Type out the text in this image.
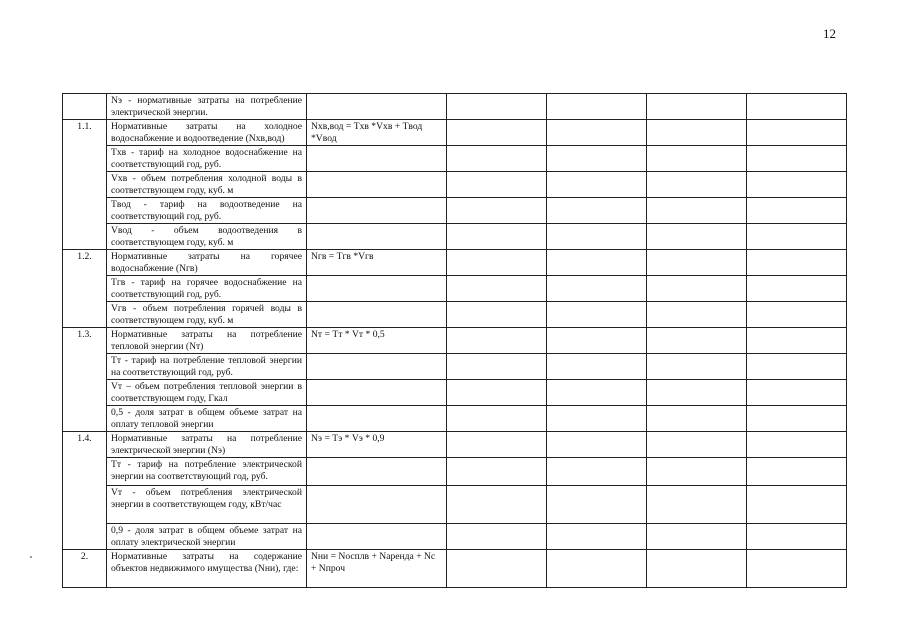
12
	Nэ - нормативные затраты на потребление электрической энергии.					
1.1.	Нормативные затраты на холодное водоснабжение и водоотведение (Nхв,вод)	Nхв,вод = Tхв *Vхв + Tвод *Vвод				
	Tхв - тариф на холодное водоснабжение на соответствующий год, руб.					
	Vхв - объем потребления холодной воды в соответствующем году, куб. м					
	Tвод - тариф на водоотведение на соответствующий год, руб.					
	Vвод - объем водоотведения в соответствующем году, куб. м					
1.2.	Нормативные затраты на горячее водоснабжение (Nгв)	Nгв = Tгв *Vгв				
	Tгв - тариф на горячее водоснабжение на соответствующий год, руб.					
	Vгв - объем потребления горячей воды в соответствующем году, куб. м					
1.3.	Нормативные затраты на потребление тепловой энергии (Nт)	Nт = Tт * Vт * 0,5				
	Tт - тариф на потребление тепловой энергии на соответствующий год, руб.					
	Vт – объем потребления тепловой энергии в соответствующем году, Гкал					
	0,5 - доля затрат в общем объеме затрат на оплату тепловой энергии					
1.4.	Нормативные затраты на потребление электрической энергии (Nэ)	Nэ = Tэ * Vэ * 0,9				
	Tт - тариф на потребление электрической энергии на соответствующий год, руб.					
	Vт - объем потребления электрической энергии в соответствующем году, кВт/час					
	0,9 - доля затрат в общем объеме затрат на оплату электрической энергии					
2.	Нормативные затраты на содержание объектов недвижимого имущества (Nни), где:	Nни = Nосплв + Nаренда + Nс + Nпроч				
